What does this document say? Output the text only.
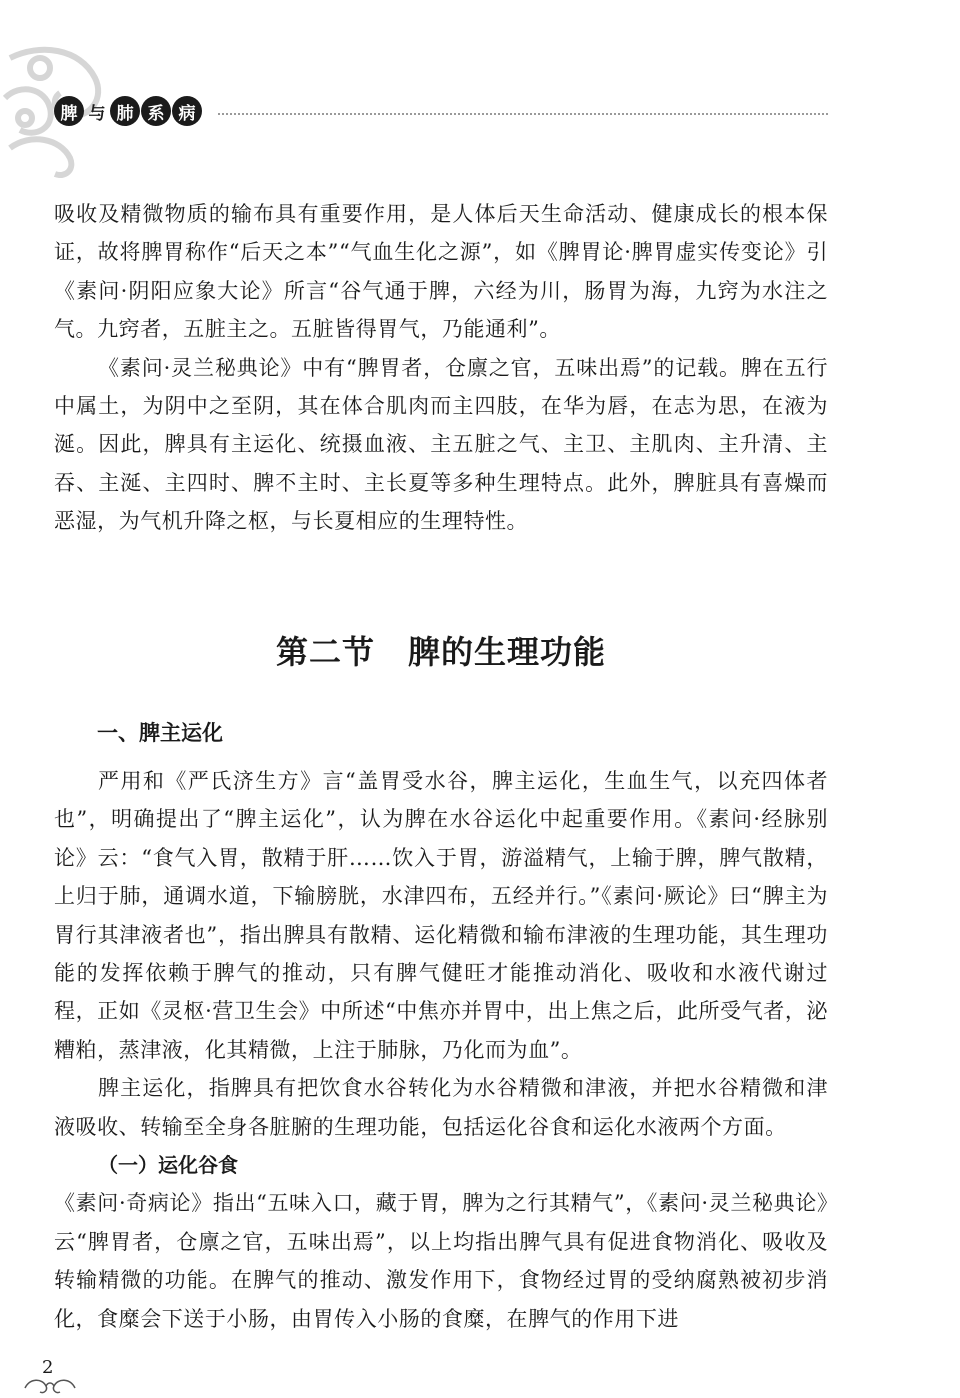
脾 与 肺 系 病

吸收及精微物质的输布具有重要作用，是人体后天生命活动、健康成长的根本保证，故将脾胃称作“后天之本”“气血生化之源”，如《脾胃论·脾胃虚实传变论》引《素问·阴阳应象大论》所言“谷气通于脾，六经为川，肠胃为海，九窍为水注之气。九窍者，五脏主之。五脏皆得胃气，乃能通利”。

《素问·灵兰秘典论》中有“脾胃者，仓廪之官，五味出焉”的记载。脾在五行中属土，为阴中之至阴，其在体合肌肉而主四肢，在华为唇，在志为思，在液为涎。因此，脾具有主运化、统摄血液、主五脏之气、主卫、主肌肉、主升清、主吞、主涎、主四时、脾不主时、主长夏等多种生理特点。此外，脾脏具有喜燥而恶湿，为气机升降之枢，与长夏相应的生理特性。

第二节　脾的生理功能
一、脾主运化

严用和《严氏济生方》言“盖胃受水谷，脾主运化，生血生气，以充四体者也”，明确提出了“脾主运化”，认为脾在水谷运化中起重要作用。《素问·经脉别论》云：“食气入胃，散精于肝……饮入于胃，游溢精气，上输于脾，脾气散精，上归于肺，通调水道，下输膀胱，水津四布，五经并行。”《素问·厥论》曰“脾主为胃行其津液者也”，指出脾具有散精、运化精微和输布津液的生理功能，其生理功能的发挥依赖于脾气的推动，只有脾气健旺才能推动消化、吸收和水液代谢过程，正如《灵枢·营卫生会》中所述“中焦亦并胃中，出上焦之后，此所受气者，泌糟粕，蒸津液，化其精微，上注于肺脉，乃化而为血”。

脾主运化，指脾具有把饮食水谷转化为水谷精微和津液，并把水谷精微和津液吸收、转输至全身各脏腑的生理功能，包括运化谷食和运化水液两个方面。

（一）运化谷食

《素问·奇病论》指出“五味入口，藏于胃，脾为之行其精气”，《素问·灵兰秘典论》云“脾胃者，仓廪之官，五味出焉”，以上均指出脾气具有促进食物消化、吸收及转输精微的功能。在脾气的推动、激发作用下，食物经过胃的受纳腐熟被初步消化，食糜会下送于小肠，由胃传入小肠的食糜，在脾气的作用下进

2
